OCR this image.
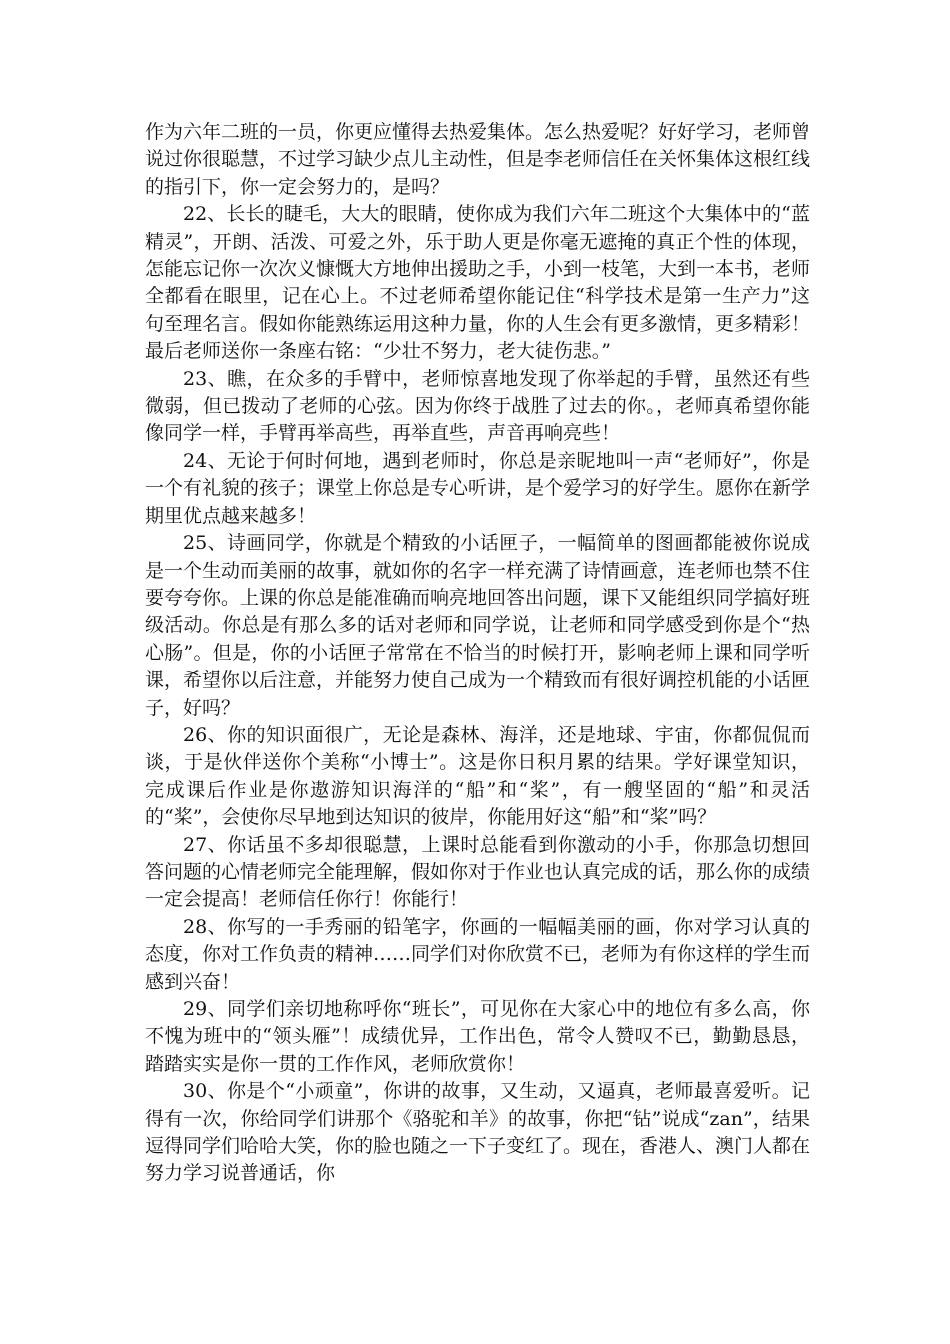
作为六年二班的一员，你更应懂得去热爱集体。怎么热爱呢？好好学习，老师曾说过你很聪慧，不过学习缺少点儿主动性，但是李老师信任在关怀集体这根红线的指引下，你一定会努力的，是吗？

22、长长的睫毛，大大的眼睛，使你成为我们六年二班这个大集体中的“蓝精灵”，开朗、活泼、可爱之外，乐于助人更是你毫无遮掩的真正个性的体现，怎能忘记你一次次义慷慨大方地伸出援助之手，小到一枝笔，大到一本书，老师全都看在眼里，记在心上。不过老师希望你能记住“科学技术是第一生产力”这句至理名言。假如你能熟练运用这种力量，你的人生会有更多激情，更多精彩！最后老师送你一条座右铭：“少壮不努力，老大徒伤悲。”

23、瞧，在众多的手臂中，老师惊喜地发现了你举起的手臂，虽然还有些微弱，但已拨动了老师的心弦。因为你终于战胜了过去的你。，老师真希望你能像同学一样，手臂再举高些，再举直些，声音再响亮些！

24、无论于何时何地，遇到老师时，你总是亲昵地叫一声“老师好”，你是一个有礼貌的孩子；课堂上你总是专心听讲，是个爱学习的好学生。愿你在新学期里优点越来越多！

25、诗画同学，你就是个精致的小话匣子，一幅简单的图画都能被你说成是一个生动而美丽的故事，就如你的名字一样充满了诗情画意，连老师也禁不住要夸夸你。上课的你总是能准确而响亮地回答出问题，课下又能组织同学搞好班级活动。你总是有那么多的话对老师和同学说，让老师和同学感受到你是个“热心肠”。但是，你的小话匣子常常在不恰当的时候打开，影响老师上课和同学听课，希望你以后注意，并能努力使自己成为一个精致而有很好调控机能的小话匣子，好吗？

26、你的知识面很广，无论是森林、海洋，还是地球、宇宙，你都侃侃而谈，于是伙伴送你个美称“小博士”。这是你日积月累的结果。学好课堂知识，完成课后作业是你遨游知识海洋的“船”和“桨”，有一艘坚固的“船”和灵活的“桨”，会使你尽早地到达知识的彼岸，你能用好这“船”和“桨”吗？

27、你话虽不多却很聪慧，上课时总能看到你激动的小手，你那急切想回答问题的心情老师完全能理解，假如你对于作业也认真完成的话，那么你的成绩一定会提高！老师信任你行！你能行！

28、你写的一手秀丽的铅笔字，你画的一幅幅美丽的画，你对学习认真的态度，你对工作负责的精神……同学们对你欣赏不已，老师为有你这样的学生而感到兴奋！

29、同学们亲切地称呼你“班长”，可见你在大家心中的地位有多么高，你不愧为班中的“领头雁”！成绩优异，工作出色，常令人赞叹不已，勤勤恳恳，踏踏实实是你一贯的工作作风，老师欣赏你！

30、你是个“小顽童”，你讲的故事，又生动，又逼真，老师最喜爱听。记得有一次，你给同学们讲那个《骆驼和羊》的故事，你把“钻”说成“zan”，结果逗得同学们哈哈大笑，你的脸也随之一下子变红了。现在，香港人、澳门人都在努力学习说普通话，你
